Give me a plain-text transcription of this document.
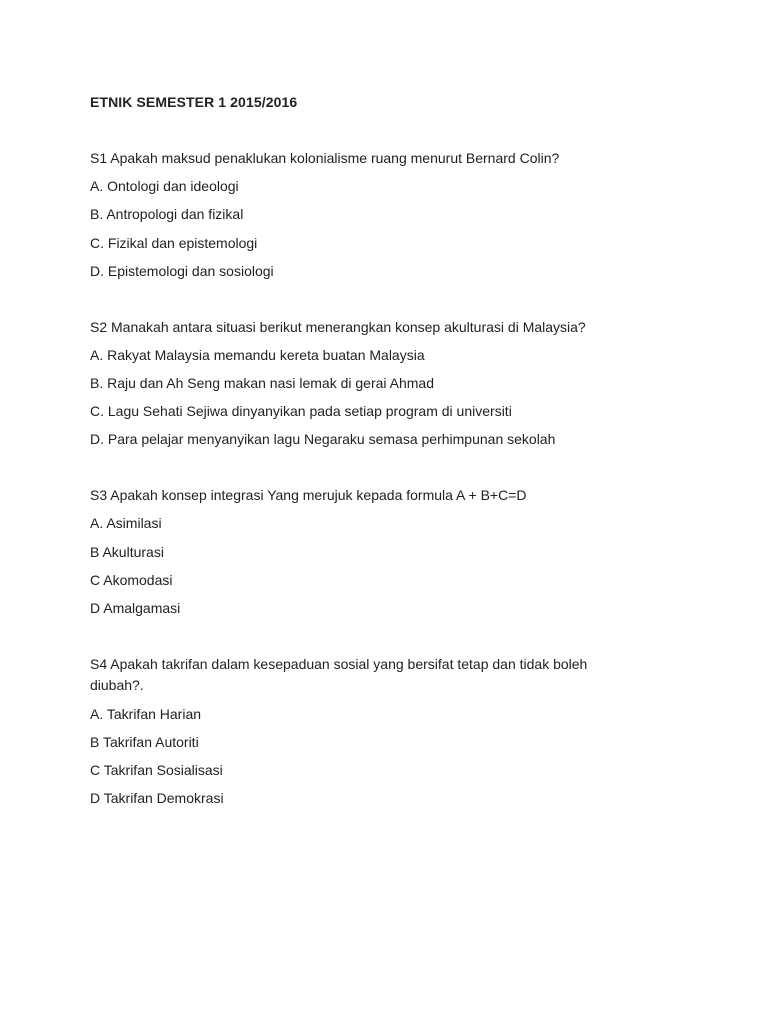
ETNIK SEMESTER 1 2015/2016
S1 Apakah maksud penaklukan kolonialisme ruang menurut Bernard Colin?
A. Ontologi dan ideologi
B. Antropologi dan fizikal
C. Fizikal dan epistemologi
D. Epistemologi dan sosiologi
S2 Manakah antara situasi berikut menerangkan konsep akulturasi di Malaysia?
A. Rakyat Malaysia memandu kereta buatan Malaysia
B. Raju dan Ah Seng makan nasi lemak di gerai Ahmad
C. Lagu Sehati Sejiwa dinyanyikan pada setiap program di universiti
D. Para pelajar menyanyikan lagu Negaraku semasa perhimpunan sekolah
S3 Apakah konsep integrasi Yang merujuk kepada formula A + B+C=D
A. Asimilasi
B Akulturasi
C Akomodasi
D Amalgamasi
S4 Apakah takrifan dalam kesepaduan sosial yang bersifat tetap dan tidak boleh
diubah?.
A. Takrifan Harian
B Takrifan Autoriti
C Takrifan Sosialisasi
D Takrifan Demokrasi
